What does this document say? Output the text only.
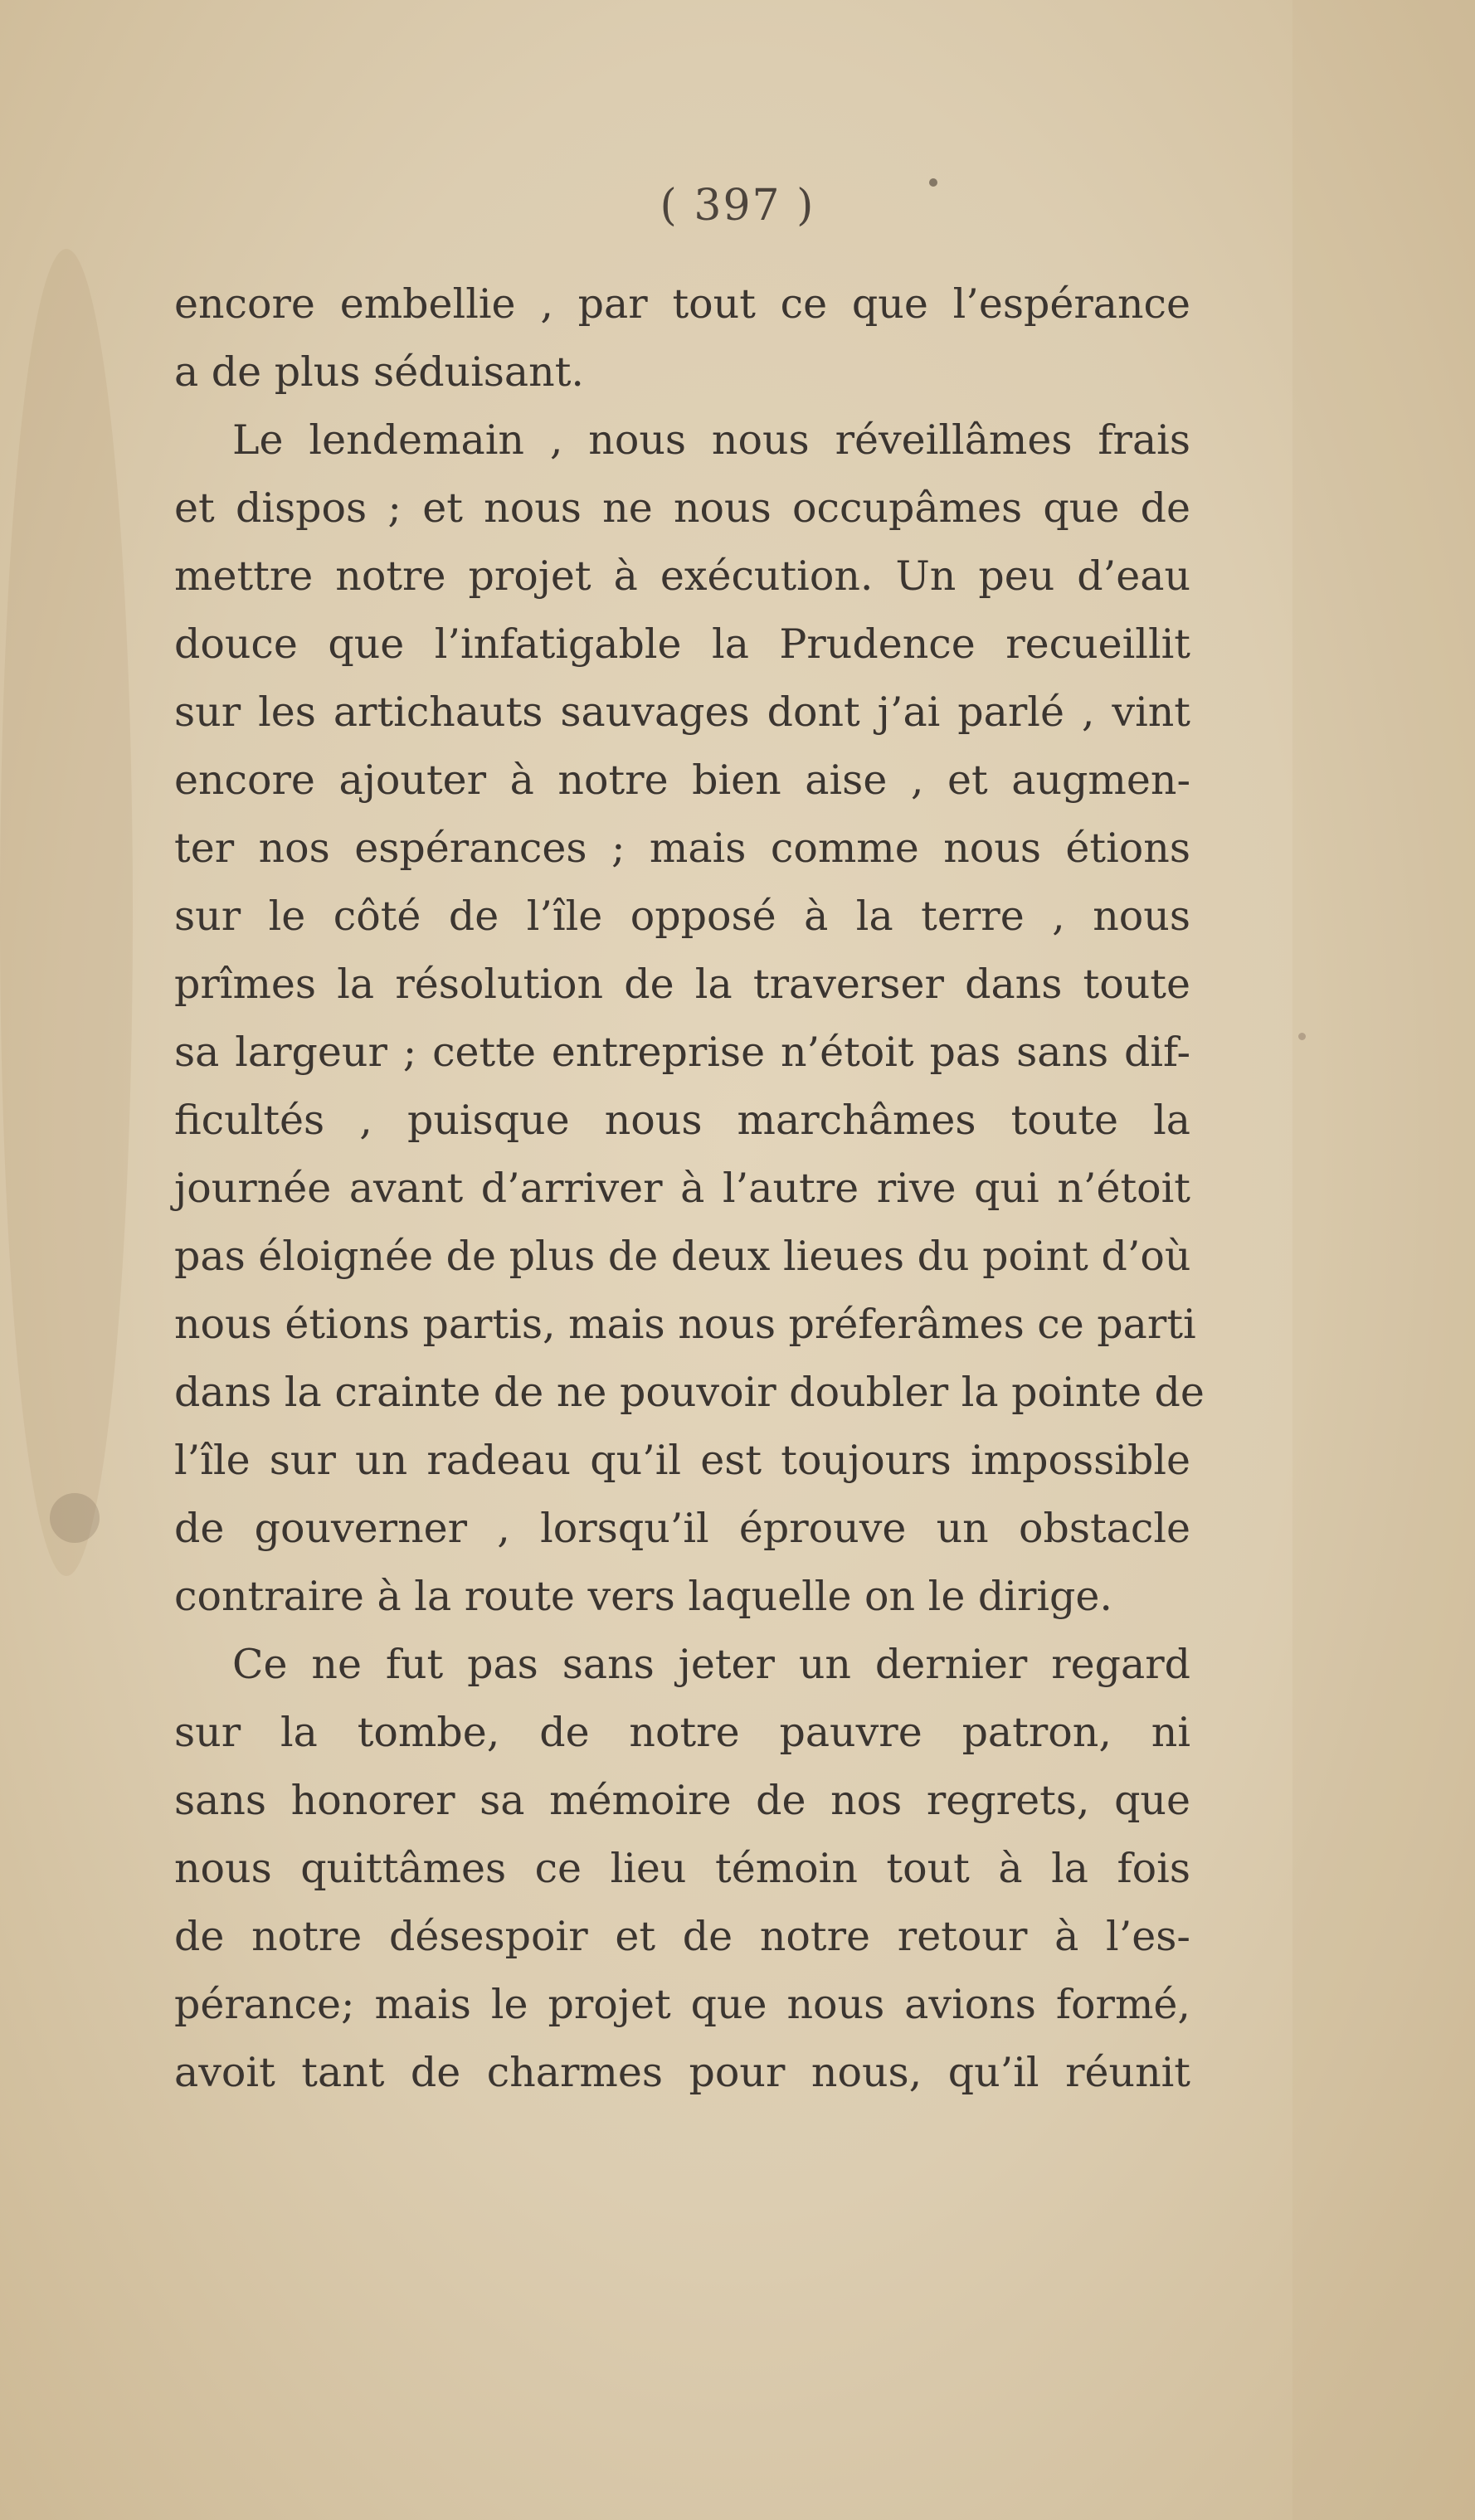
( 397 )
encore embellie , par tout ce que l’espérance
a de plus séduisant.
Le lendemain , nous nous réveillâmes frais
et dispos ; et nous ne nous occupâmes que de
mettre notre projet à exécution. Un peu d’eau
douce que l’infatigable la Prudence recueillit
sur les artichauts sauvages dont j’ai parlé , vint
encore ajouter à notre bien aise , et augmen-
ter nos espérances ; mais comme nous étions
sur le côté de l’île opposé à la terre , nous
prîmes la résolution de la traverser dans toute
sa largeur ; cette entreprise n’étoit pas sans dif-
ficultés , puisque nous marchâmes toute la
journée avant d’arriver à l’autre rive qui n’étoit
pas éloignée de plus de deux lieues du point d’où
nous étions partis, mais nous préferâmes ce parti
dans la crainte de ne pouvoir doubler la pointe de
l’île sur un radeau qu’il est toujours impossible
de gouverner , lorsqu’il éprouve un obstacle
contraire à la route vers laquelle on le dirige.
Ce ne fut pas sans jeter un dernier regard
sur la tombe, de notre pauvre patron, ni
sans honorer sa mémoire de nos regrets, que
nous quittâmes ce lieu témoin tout à la fois
de notre désespoir et de notre retour à l’es-
pérance; mais le projet que nous avions formé,
avoit tant de charmes pour nous, qu’il réunit
